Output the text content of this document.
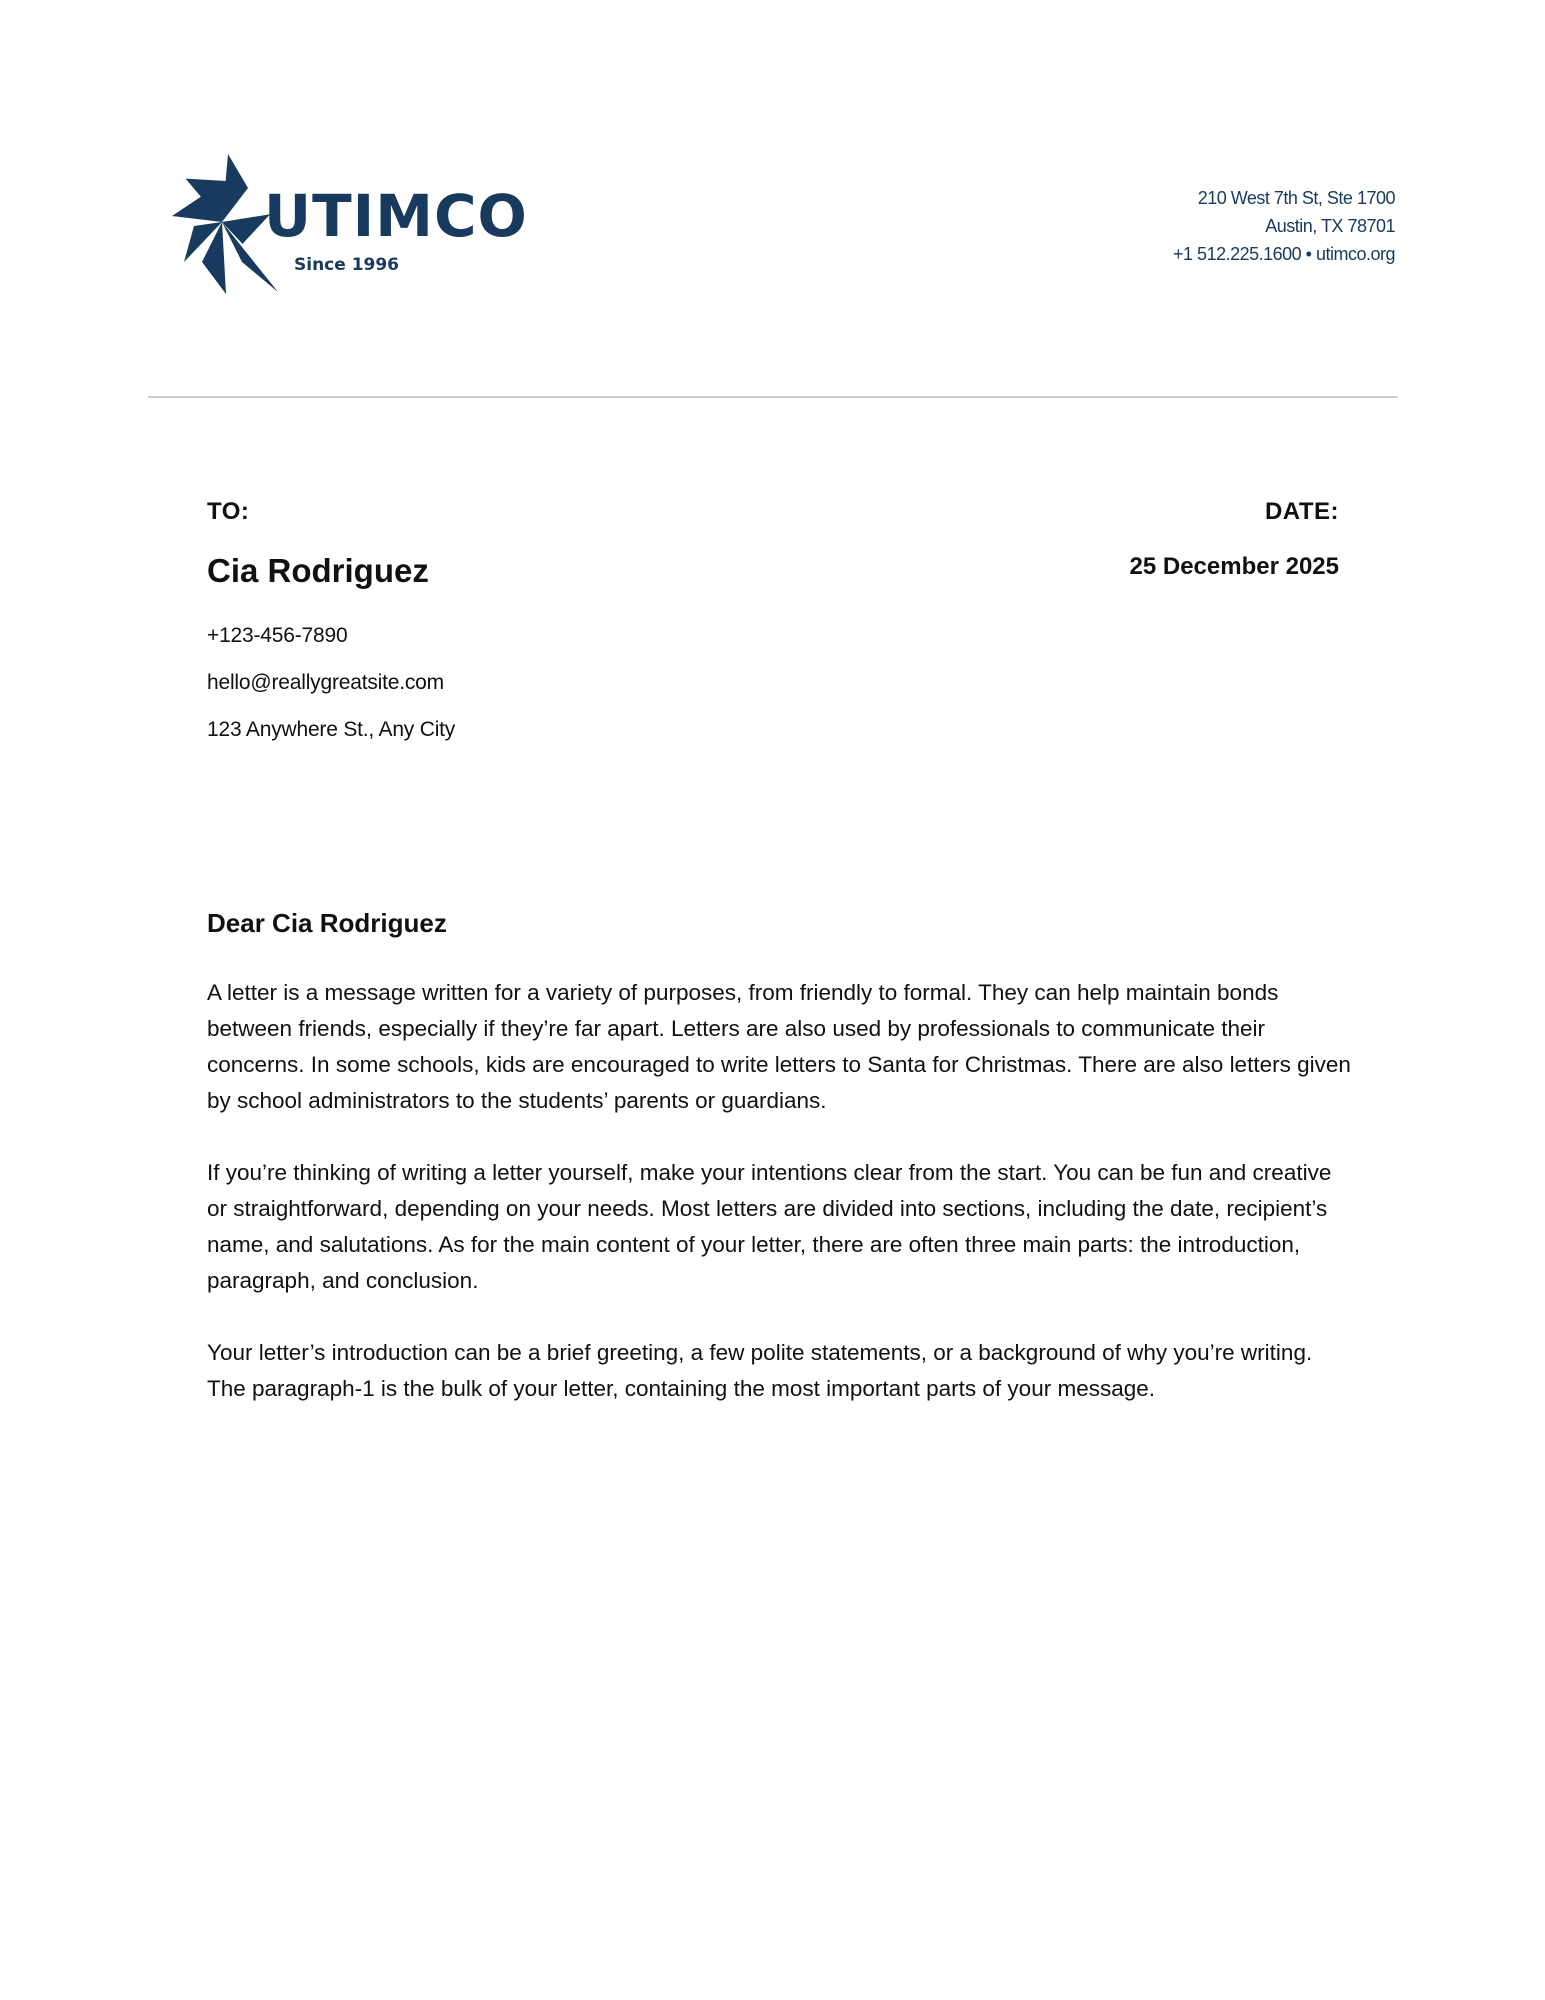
UTIMCO
Since 1996
210 West 7th St, Ste 1700
Austin, TX 78701
+1 512.225.1600 • utimco.org
TO:
Cia Rodriguez
+123-456-7890
hello@reallygreatsite.com
123 Anywhere St., Any City
DATE:
25 December 2025
Dear Cia Rodriguez

A letter is a message written for a variety of purposes, from friendly to formal. They can help maintain bonds between friends, especially if they’re far apart. Letters are also used by professionals to communicate their concerns. In some schools, kids are encouraged to write letters to Santa for Christmas. There are also letters given by school administrators to the students’ parents or guardians.

If you’re thinking of writing a letter yourself, make your intentions clear from the start. You can be fun and creative or straightforward, depending on your needs. Most letters are divided into sections, including the date, recipient’s name, and salutations. As for the main content of your letter, there are often three main parts: the introduction, paragraph, and conclusion.

Your letter’s introduction can be a brief greeting, a few polite statements, or a background of why you’re writing. The paragraph-1 is the bulk of your letter, containing the most important parts of your message.
